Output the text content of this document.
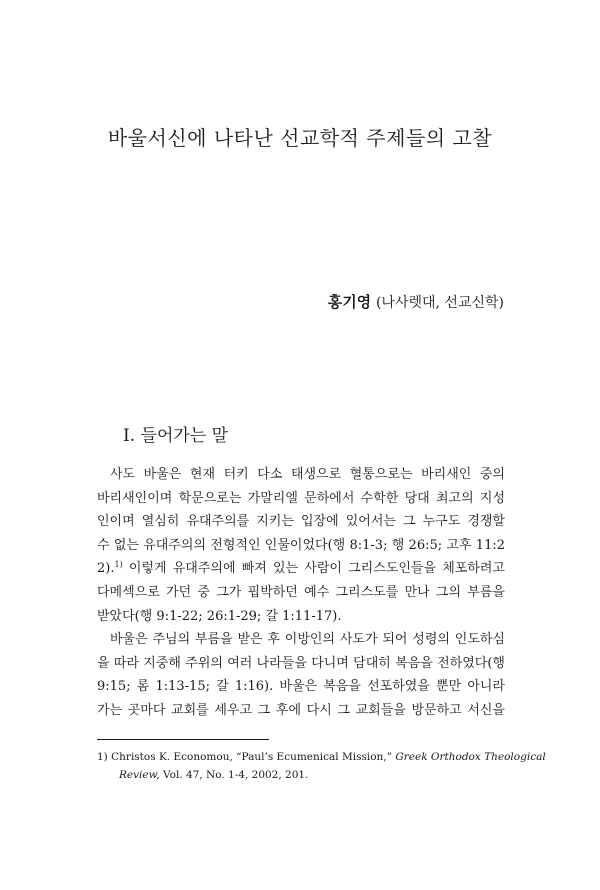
바울서신에 나타난 선교학적 주제들의 고찰
홍기영 (나사렛대, 선교신학)
I. 들어가는 말
사도 바울은 현재 터키 다소 태생으로 혈통으로는 바리새인 중의
바리새인이며 학문으로는 가말리엘 문하에서 수학한 당대 최고의 지성
인이며 열심히 유대주의를 지키는 입장에 있어서는 그 누구도 경쟁할
수 없는 유대주의의 전형적인 인물이었다(행 8:1-3; 행 26:5; 고후 11:2
2).$^{1)}$ 이렇게 유대주의에 빠져 있는 사람이 그리스도인들을 체포하려고
다메섹으로 가던 중 그가 핍박하던 예수 그리스도를 만나 그의 부름을
받았다(행 9:1-22; 26:1-29; 갈 1:11-17).
바울은 주님의 부름을 받은 후 이방인의 사도가 되어 성령의 인도하심
을 따라 지중해 주위의 여러 나라들을 다니며 담대히 복음을 전하였다(행
9:15; 롬 1:13-15; 갈 1:16). 바울은 복음을 선포하였을 뿐만 아니라
가는 곳마다 교회를 세우고 그 후에 다시 그 교회들을 방문하고 서신을
1) Christos K. Economou, “Paul’s Ecumenical Mission,” Greek Orthodox Theological
Review, Vol. 47, No. 1-4, 2002, 201.
